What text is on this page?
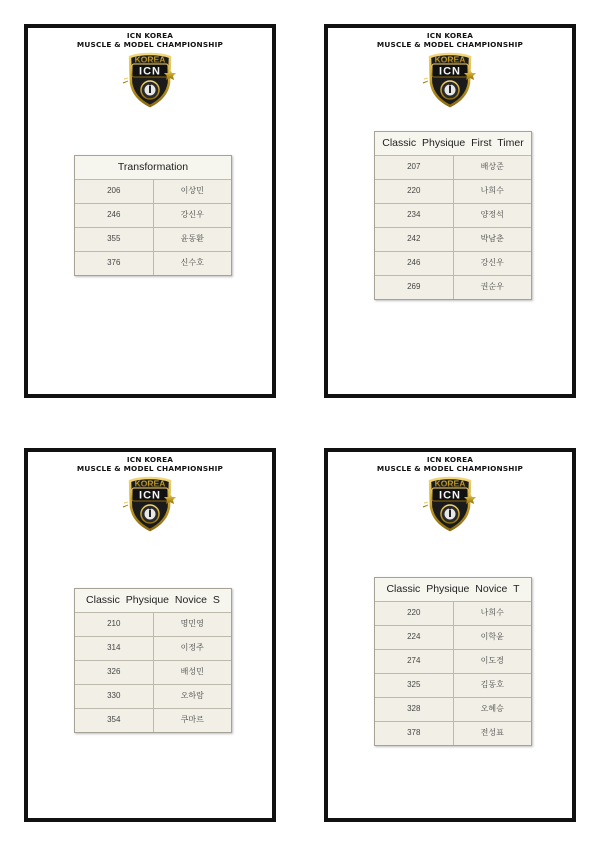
ICN KOREA
MUSCLE & MODEL CHAMPIONSHIP
KOREA
ICN
Transformation
206	이상민
246	강신우
355	윤동환
376	신수호
ICN KOREA
MUSCLE & MODEL CHAMPIONSHIP
KOREA
ICN
Classic Physique First Timer
207	배상준
220	나희수
234	양정석
242	박남춘
246	강신우
269	권순우
ICN KOREA
MUSCLE & MODEL CHAMPIONSHIP
KOREA
ICN
Classic Physique Novice S
210	명민영
314	이정주
326	배성민
330	오하람
354	쿠마르
ICN KOREA
MUSCLE & MODEL CHAMPIONSHIP
KOREA
ICN
Classic Physique Novice T
220	나희수
224	이학윤
274	이도경
325	김동호
328	오혜승
378	전성표
